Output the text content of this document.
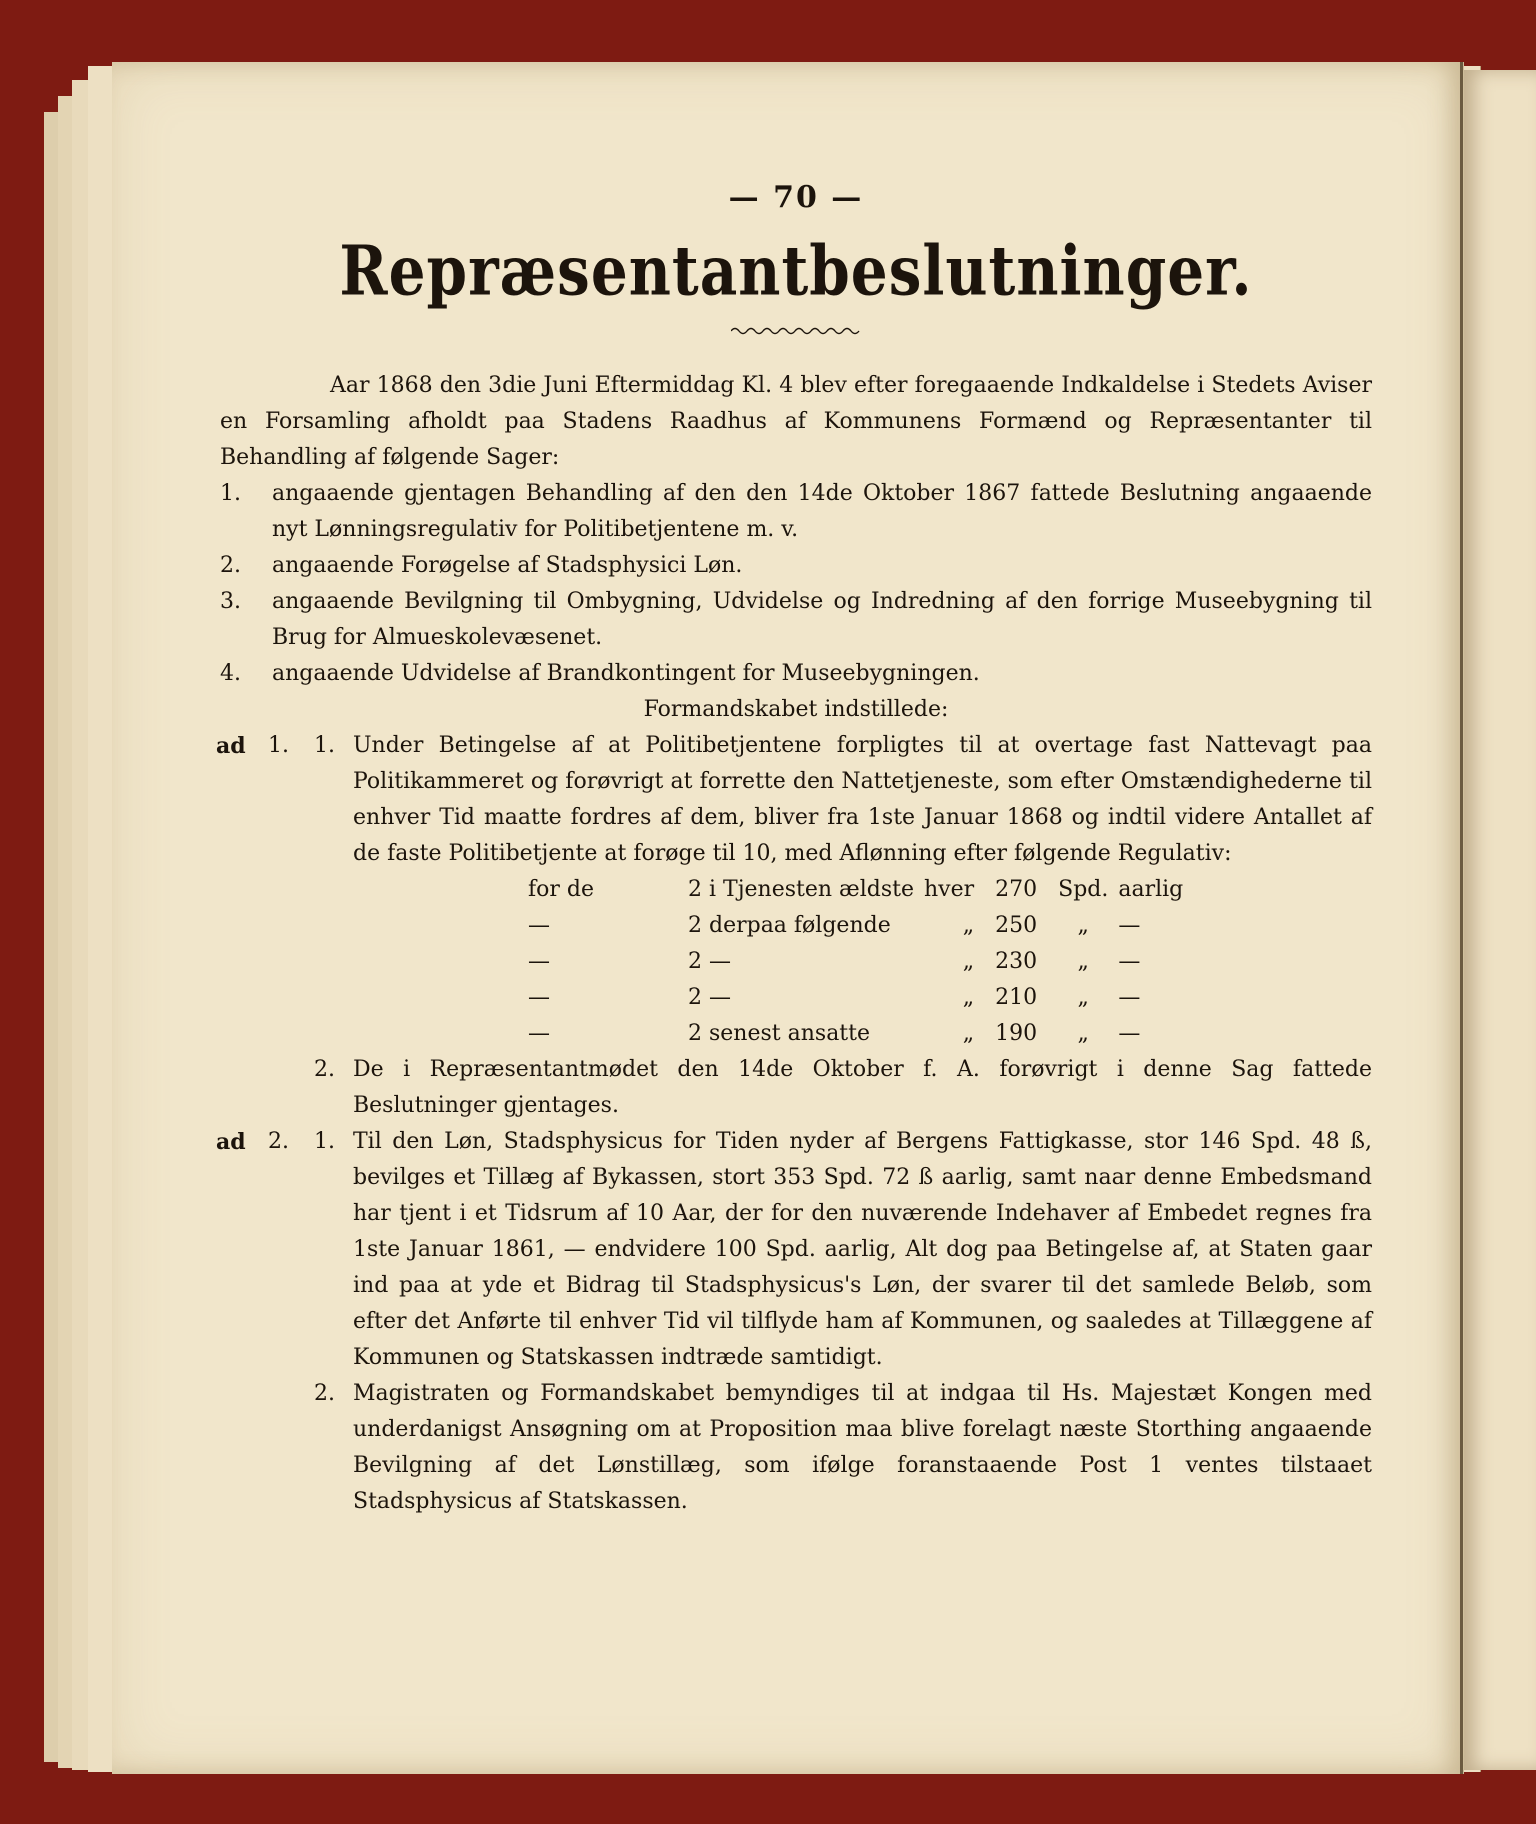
— 70 —
Repræsentantbeslutninger.

Aar 1868 den 3die Juni Eftermiddag Kl. 4 blev efter foregaaende Indkaldelse i Stedets Aviser en Forsamling afholdt paa Stadens Raadhus af Kommunens Formænd og Repræsentanter til Behandling af følgende Sager:

1. angaaende gjentagen Behandling af den den 14de Oktober 1867 fattede Beslutning angaaende nyt Lønningsregulativ for Politibetjentene m. v.
2. angaaende Forøgelse af Stadsphysici Løn.
3. angaaende Bevilgning til Ombygning, Udvidelse og Indredning af den forrige Museebygning til Brug for Almueskolevæsenet.
4. angaaende Udvidelse af Brandkontingent for Museebygningen.

Formandskabet indstillede:

ad 1. 1. Under Betingelse af at Politibetjentene forpligtes til at overtage fast Nattevagt paa Politikammeret og forøvrigt at forrette den Nattetjeneste, som efter Omstændighederne til enhver Tid maatte fordres af dem, bliver fra 1ste Januar 1868 og indtil videre Antallet af de faste Politibetjente at forøge til 10, med Aflønning efter følgende Regulativ:
for de	2 i Tjenesten ældste	hver	270	Spd.	aarlig
—	2 derpaa følgende	„	250	„	—
—	2 —	„	230	„	—
—	2 —	„	210	„	—
—	2 senest ansatte	„	190	„	—
2. De i Repræsentantmødet den 14de Oktober f. A. forøvrigt i denne Sag fattede Beslutninger gjentages.
ad 2. 1. Til den Løn, Stadsphysicus for Tiden nyder af Bergens Fattigkasse, stor 146 Spd. 48 ß, bevilges et Tillæg af Bykassen, stort 353 Spd. 72 ß aarlig, samt naar denne Embedsmand har tjent i et Tidsrum af 10 Aar, der for den nuværende Indehaver af Embedet regnes fra 1ste Januar 1861, — endvidere 100 Spd. aarlig, Alt dog paa Betingelse af, at Staten gaar ind paa at yde et Bidrag til Stadsphysicus's Løn, der svarer til det samlede Beløb, som efter det Anførte til enhver Tid vil tilflyde ham af Kommunen, og saaledes at Tillæggene af Kommunen og Statskassen indtræde samtidigt.
2. Magistraten og Formandskabet bemyndiges til at indgaa til Hs. Majestæt Kongen med underdanigst Ansøgning om at Proposition maa blive forelagt næste Storthing angaaende Bevilgning af det Lønstillæg, som ifølge foranstaaende Post 1 ventes tilstaaet Stadsphysicus af Statskassen.
